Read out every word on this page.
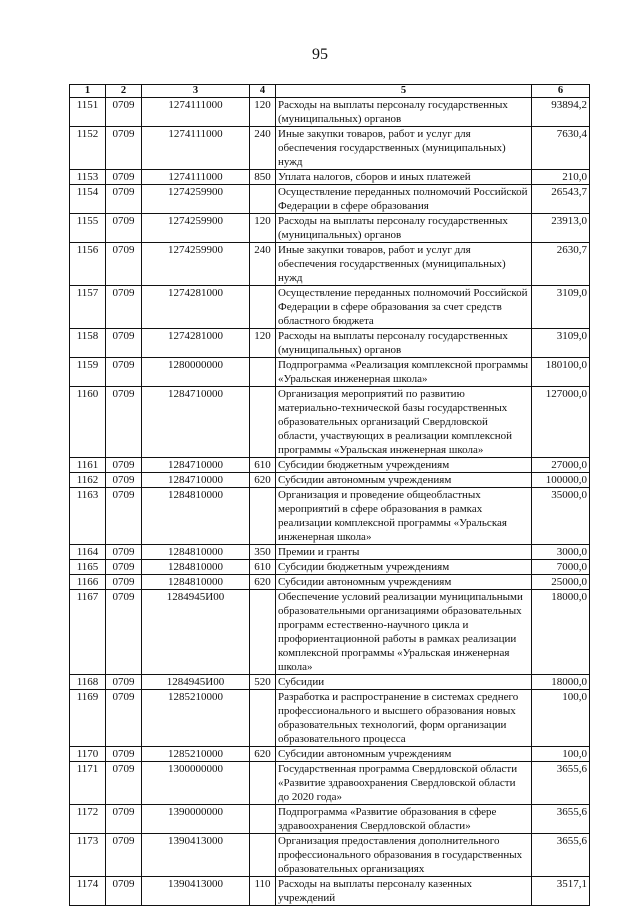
95
1	2	3	4	5	6
1151	0709	1274111000	120	Расходы на выплаты персоналу государственных (муниципальных) органов	93894,2
1152	0709	1274111000	240	Иные закупки товаров, работ и услуг для обеспечения государственных (муниципальных) нужд	7630,4
1153	0709	1274111000	850	Уплата налогов, сборов и иных платежей	210,0
1154	0709	1274259900		Осуществление переданных полномочий Российской Федерации в сфере образования	26543,7
1155	0709	1274259900	120	Расходы на выплаты персоналу государственных (муниципальных) органов	23913,0
1156	0709	1274259900	240	Иные закупки товаров, работ и услуг для обеспечения государственных (муниципальных) нужд	2630,7
1157	0709	1274281000		Осуществление переданных полномочий Российской Федерации в сфере образования за счет средств областного бюджета	3109,0
1158	0709	1274281000	120	Расходы на выплаты персоналу государственных (муниципальных) органов	3109,0
1159	0709	1280000000		Подпрограмма «Реализация комплексной программы «Уральская инженерная школа»	180100,0
1160	0709	1284710000		Организация мероприятий по развитию материально-технической базы государственных образовательных организаций Свердловской области, участвующих в реализации комплексной программы «Уральская инженерная школа»	127000,0
1161	0709	1284710000	610	Субсидии бюджетным учреждениям	27000,0
1162	0709	1284710000	620	Субсидии автономным учреждениям	100000,0
1163	0709	1284810000		Организация и проведение общеобластных мероприятий в сфере образования в рамках реализации комплексной программы «Уральская инженерная школа»	35000,0
1164	0709	1284810000	350	Премии и гранты	3000,0
1165	0709	1284810000	610	Субсидии бюджетным учреждениям	7000,0
1166	0709	1284810000	620	Субсидии автономным учреждениям	25000,0
1167	0709	1284945И00		Обеспечение условий реализации муниципальными образовательными организациями образовательных программ естественно-научного цикла и профориентационной работы в рамках реализации комплексной программы «Уральская инженерная школа»	18000,0
1168	0709	1284945И00	520	Субсидии	18000,0
1169	0709	1285210000		Разработка и распространение в системах среднего профессионального и высшего образования новых образовательных технологий, форм организации образовательного процесса	100,0
1170	0709	1285210000	620	Субсидии автономным учреждениям	100,0
1171	0709	1300000000		Государственная программа Свердловской области «Развитие здравоохранения Свердловской области до 2020 года»	3655,6
1172	0709	1390000000		Подпрограмма «Развитие образования в сфере здравоохранения Свердловской области»	3655,6
1173	0709	1390413000		Организация предоставления дополнительного профессионального образования в государственных образовательных организациях	3655,6
1174	0709	1390413000	110	Расходы на выплаты персоналу казенных учреждений	3517,1
